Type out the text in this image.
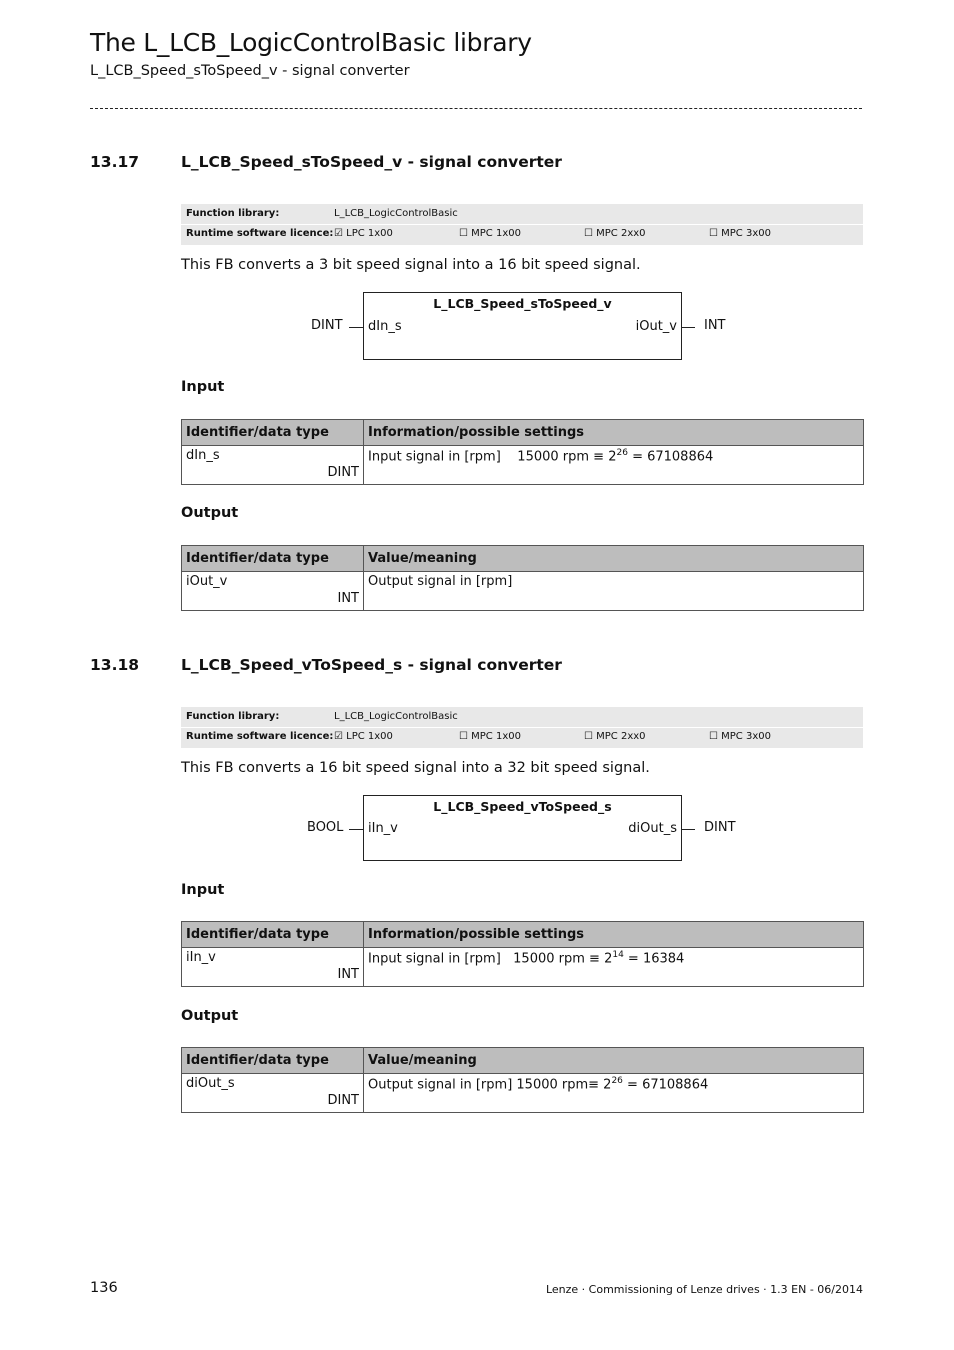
The L_LCB_LogicControlBasic library
L_LCB_Speed_sToSpeed_v - signal converter
13.17	L_LCB_Speed_sToSpeed_v - signal converter
Function library:	L_LCB_LogicControlBasic
Runtime software licence: ☑ LPC 1x00	☐ MPC 1x00	☐ MPC 2xx0	☐ MPC 3x00
This FB converts a 3 bit speed signal into a 16 bit speed signal.
DINT
L_LCB_Speed_sToSpeed_v
dIn_s	iOut_v INT
Input
Identifier/data type	Information/possible settings

dIn_s
DINT	Input signal in [rpm]    15000 rpm ≡ $2^{26} = 67108864$
Output
Identifier/data type	Value/meaning

iOut_v
INT	Output signal in [rpm]
13.18	L_LCB_Speed_vToSpeed_s - signal converter
Function library:	L_LCB_LogicControlBasic
Runtime software licence: ☑ LPC 1x00	☐ MPC 1x00	☐ MPC 2xx0	☐ MPC 3x00
This FB converts a 16 bit speed signal into a 32 bit speed signal.
BOOL
L_LCB_Speed_vToSpeed_s
iIn_v	diOut_s DINT
Input
Identifier/data type	Information/possible settings

iIn_v
INT	Input signal in [rpm]   15000 rpm ≡ $2^{14} = 16384$
Output
Identifier/data type	Value/meaning

diOut_s
DINT	Output signal in [rpm] 15000 $rpm\equiv 2^{26} = 67108864$
136	Lenze · Commissioning of Lenze drives · 1.3 EN - 06/2014
